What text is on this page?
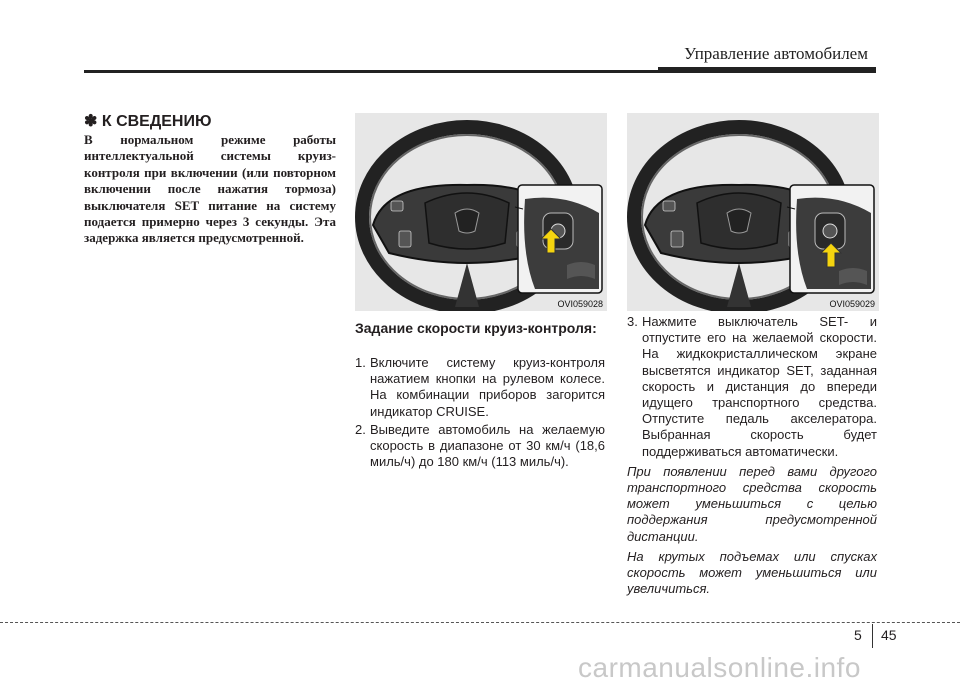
Управление автомобилем
✽ К СВЕДЕНИЮ
В нормальном режиме работы интеллектуальной системы круиз-контроля при включении (или повторном включении после нажатия тормоза) выключателя SET питание на систему подается примерно через 3 секунды. Эта задержка является предусмотренной.
OVI059028	OVI059029
Задание скорости круиз-контроля:
1. Включите систему круиз-контроля нажатием кнопки на рулевом колесе. На комбинации приборов загорится индикатор CRUISE.
2. Выведите автомобиль на желаемую скорость в диапазоне от 30 км/ч (18,6 миль/ч) до 180 км/ч (113 миль/ч).
3. Нажмите выключатель SET- и отпустите его на желаемой скорости. На жидкокристаллическом экране высветятся индикатор SET, заданная скорость и дистанция до впереди идущего транспортного средства. Отпустите педаль акселератора. Выбранная скорость будет поддерживаться автоматически.
При появлении перед вами другого транспортного средства скорость может уменьшиться с целью поддержания предусмотренной дистанции.
На крутых подъемах или спусках скорость может уменьшиться или увеличиться.
5 45
carmanualsonline.info
